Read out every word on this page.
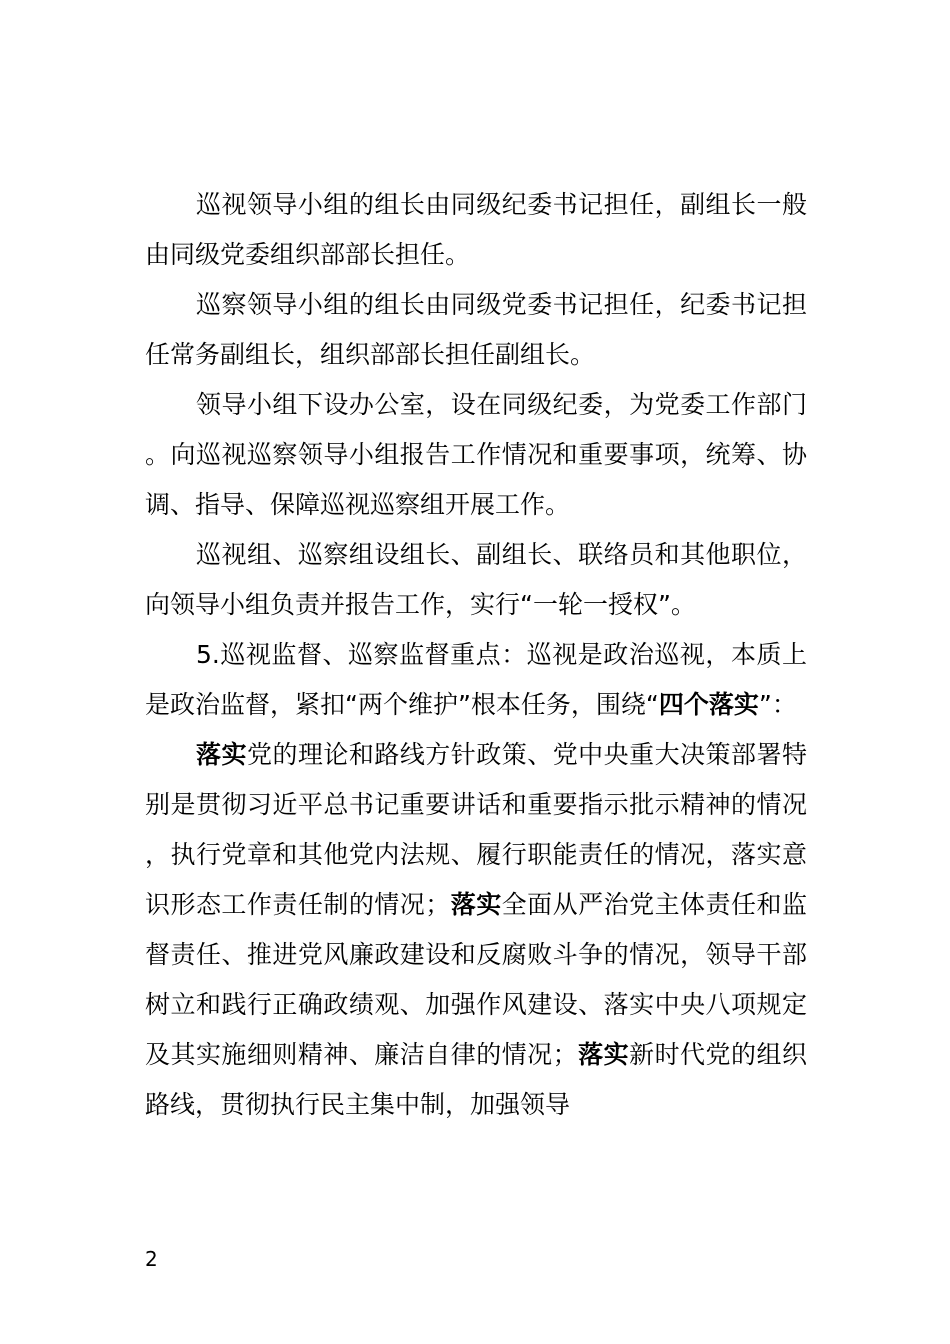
巡视领导小组的组长由同级纪委书记担任，副组长一般由同级党委组织部部长担任。

巡察领导小组的组长由同级党委书记担任，纪委书记担任常务副组长，组织部部长担任副组长。

领导小组下设办公室，设在同级纪委，为党委工作部门。向巡视巡察领导小组报告工作情况和重要事项，统筹、协调、指导、保障巡视巡察组开展工作。

巡视组、巡察组设组长、副组长、联络员和其他职位，向领导小组负责并报告工作，实行“一轮一授权”。

5.巡视监督、巡察监督重点：巡视是政治巡视，本质上是政治监督，紧扣“两个维护”根本任务，围绕“四个落实”：

落实党的理论和路线方针政策、党中央重大决策部署特别是贯彻习近平总书记重要讲话和重要指示批示精神的情况，执行党章和其他党内法规、履行职能责任的情况，落实意识形态工作责任制的情况；落实全面从严治党主体责任和监督责任、推进党风廉政建设和反腐败斗争的情况，领导干部树立和践行正确政绩观、加强作风建设、落实中央八项规定及其实施细则精神、廉洁自律的情况；落实新时代党的组织路线，贯彻执行民主集中制，加强领导

2
